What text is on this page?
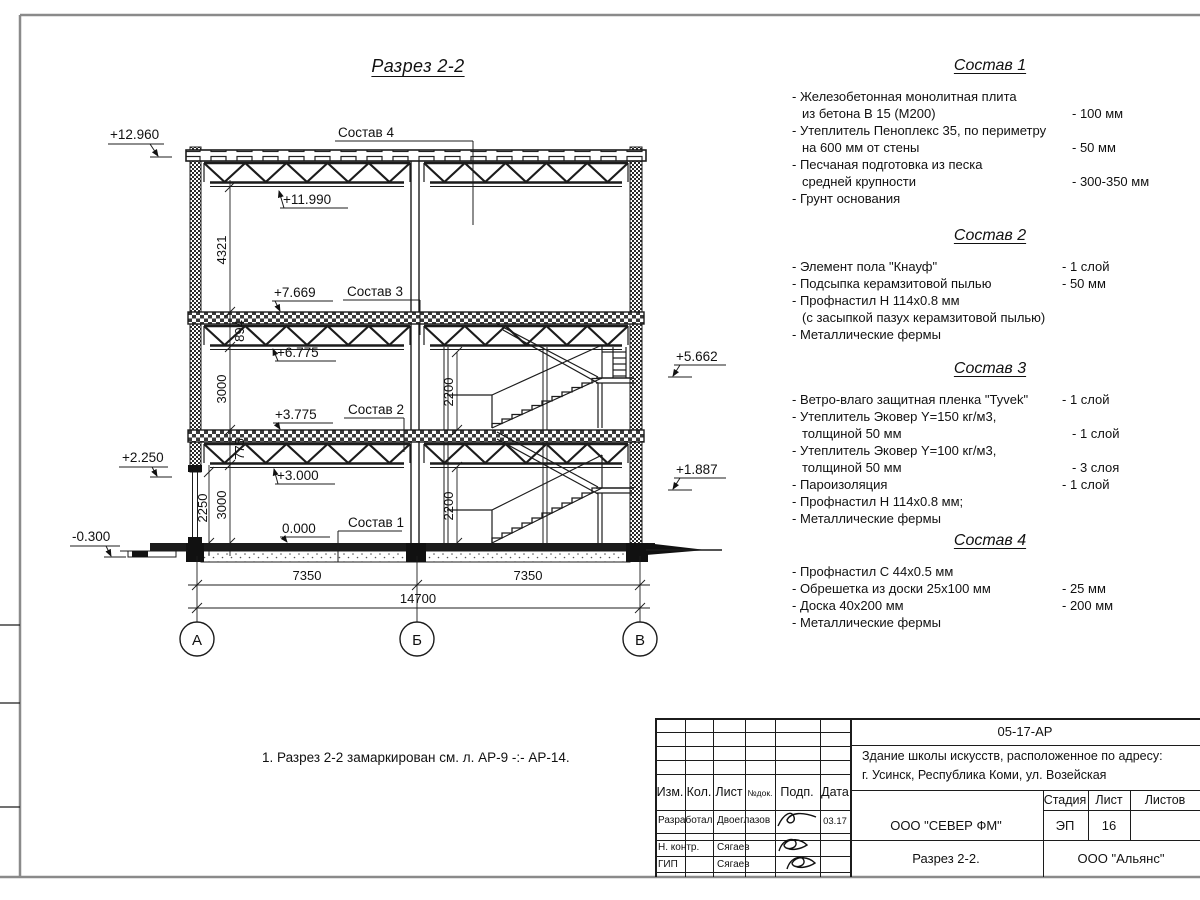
7350	7350
14700
4321
894
3000
775
3000
2250
2200
2200
+12.960
+11.990
+7.669
+6.775
+3.775
+3.000
0.000
+2.250
-0.300
+5.662
+1.887
Состав 4
Состав 3
Состав 2
Состав 1
А	Б	В
Разрез 2-2
1. Разрез 2-2 замаркирован см. л. АР-9 -:- АР-14.
Состав 1
- Железобетонная монолитная плита
из бетона В 15 (М200)	- 100 мм
- Утеплитель Пеноплекс 35, по периметру
на 600 мм от стены	- 50 мм
- Песчаная подготовка из песка
средней крупности	- 300-350 мм
- Грунт основания
Состав 2
- Элемент пола "Кнауф"	- 1 слой
- Подсыпка керамзитовой пылью	- 50 мм
- Профнастил Н 114х0.8 мм
(с засыпкой пазух керамзитовой пылью)
- Металлические фермы
Состав 3
- Ветро-влаго защитная пленка "Tyvek"	- 1 слой
- Утеплитель Эковер Y=150 кг/м3,
толщиной 50 мм	- 1 слой
- Утеплитель Эковер Y=100 кг/м3,
толщиной 50 мм	- 3 слоя
- Пароизоляция	- 1 слой
- Профнастил Н 114х0.8 мм;
- Металлические фермы
Состав 4
- Профнастил С 44х0.5 мм
- Обрешетка из доски 25х100 мм	- 25 мм
- Доска 40х200 мм	- 200 мм
- Металлические фермы
Изм. Кол. Лист №док. Подп. Дата
Разработал Двоеглазов	03.17
Н. контр. Сягаев
ГИП	Сягаев
05-17-АР
Здание школы искусств, расположенное по адресу:
г. Усинск, Республика Коми, ул. Возейская
ООО "СЕВЕР ФМ"
Стадия Лист Листов
ЭП 16
Разрез 2-2.	ООО "Альянс"
